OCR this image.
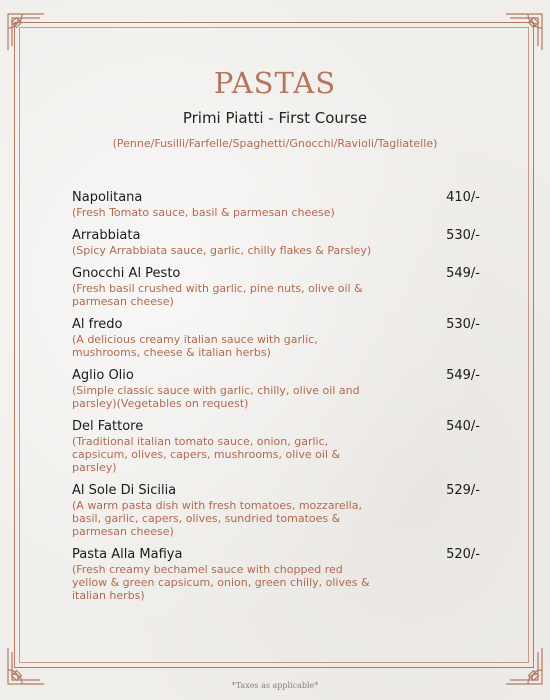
PASTAS
Primi Piatti - First Course
(Penne/Fusilli/Farfelle/Spaghetti/Gnocchi/Ravioli/Tagliatelle)
Napolitana	410/-
(Fresh Tomato sauce, basil & parmesan cheese)
Arrabbiata	530/-
(Spicy Arrabbiata sauce, garlic, chilly flakes & Parsley)
Gnocchi Al Pesto	549/-
(Fresh basil crushed with garlic, pine nuts, olive oil & parmesan cheese)
Al fredo	530/-
(A delicious creamy italian sauce with garlic, mushrooms, cheese & italian herbs)
Aglio Olio	549/-
(Simple classic sauce with garlic, chilly, olive oil and parsley)(Vegetables on request)
Del Fattore	540/-
(Traditional italian tomato sauce, onion, garlic, capsicum, olives, capers, mushrooms, olive oil & parsley)
Al Sole Di Sicilia	529/-
(A warm pasta dish with fresh tomatoes, mozzarella, basil, garlic, capers, olives, sundried tomatoes & parmesan cheese)
Pasta Alla Mafiya	520/-
(Fresh creamy bechamel sauce with chopped red yellow & green capsicum, onion, green chilly, olives & italian herbs)
*Taxes as applicable*
